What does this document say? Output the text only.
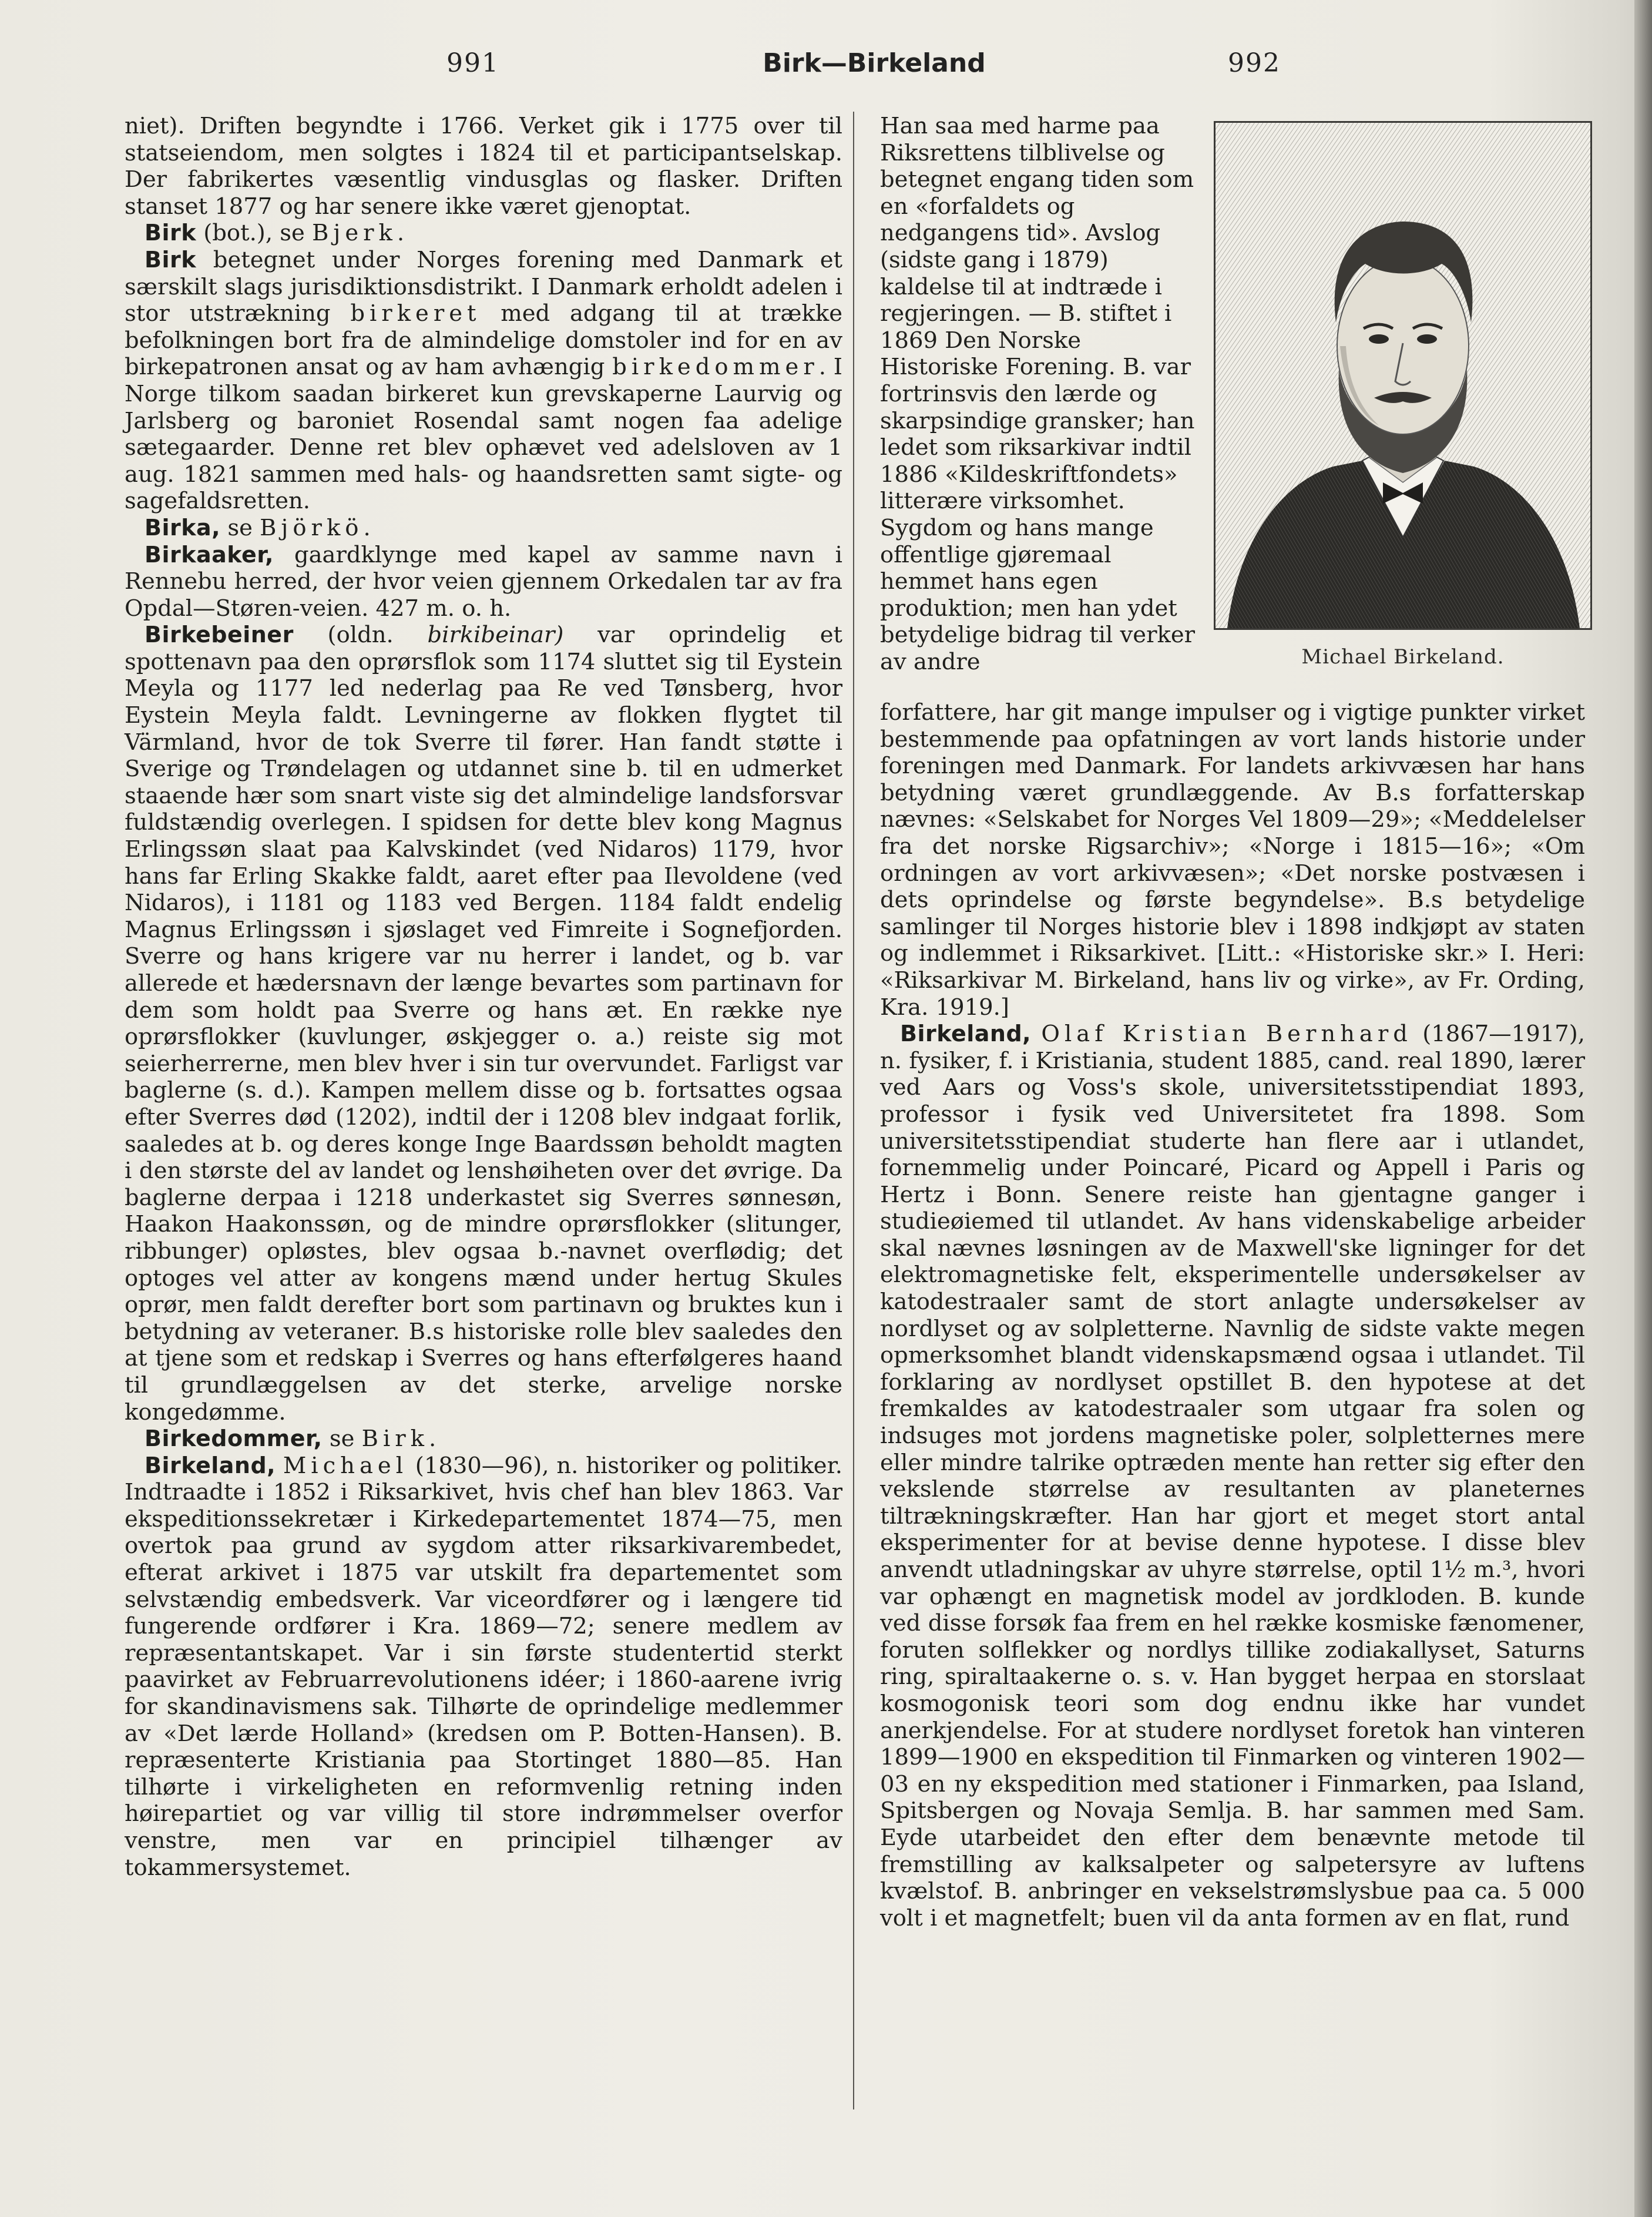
991	Birk—Birkeland	992

niet). Driften begyndte i 1766. Verket gik i 1775 over til statseiendom, men solgtes i 1824 til et participantselskap. Der fabrikertes væsentlig vindusglas og flasker. Driften stanset 1877 og har senere ikke været gjenoptat.

Birk (bot.), se Bjerk.

Birk betegnet under Norges forening med Danmark et særskilt slags jurisdiktionsdistrikt. I Danmark erholdt adelen i stor utstrækning birkeret med adgang til at trække befolkningen bort fra de almindelige domstoler ind for en av birkepatronen ansat og av ham avhængig birkedommer. I Norge tilkom saadan birkeret kun grevskaperne Laurvig og Jarlsberg og baroniet Rosendal samt nogen faa adelige sætegaarder. Denne ret blev ophævet ved adelsloven av 1 aug. 1821 sammen med hals- og haandsretten samt sigte- og sagefaldsretten.

Birka, se Björkö.

Birkaaker, gaardklynge med kapel av samme navn i Rennebu herred, der hvor veien gjennem Orkedalen tar av fra Opdal—Støren-veien. 427 m. o. h.

Birkebeiner (oldn. birkibeinar) var oprindelig et spottenavn paa den oprørsflok som 1174 sluttet sig til Eystein Meyla og 1177 led nederlag paa Re ved Tønsberg, hvor Eystein Meyla faldt. Levningerne av flokken flygtet til Värmland, hvor de tok Sverre til fører. Han fandt støtte i Sverige og Trøndelagen og utdannet sine b. til en udmerket staaende hær som snart viste sig det almindelige landsforsvar fuldstændig overlegen. I spidsen for dette blev kong Magnus Erlingssøn slaat paa Kalvskindet (ved Nidaros) 1179, hvor hans far Erling Skakke faldt, aaret efter paa Ilevoldene (ved Nidaros), i 1181 og 1183 ved Bergen. 1184 faldt endelig Magnus Erlingssøn i sjøslaget ved Fimreite i Sognefjorden. Sverre og hans krigere var nu herrer i landet, og b. var allerede et hædersnavn der længe bevartes som partinavn for dem som holdt paa Sverre og hans æt. En række nye oprørsflokker (kuvlunger, øskjegger o. a.) reiste sig mot seierherrerne, men blev hver i sin tur overvundet. Farligst var baglerne (s. d.). Kampen mellem disse og b. fortsattes ogsaa efter Sverres død (1202), indtil der i 1208 blev indgaat forlik, saaledes at b. og deres konge Inge Baardssøn beholdt magten i den største del av landet og lenshøiheten over det øvrige. Da baglerne derpaa i 1218 underkastet sig Sverres sønnesøn, Haakon Haakonssøn, og de mindre oprørsflokker (slitunger, ribbunger) opløstes, blev ogsaa b.-navnet overflødig; det optoges vel atter av kongens mænd under hertug Skules oprør, men faldt derefter bort som partinavn og bruktes kun i betydning av veteraner. B.s historiske rolle blev saaledes den at tjene som et redskap i Sverres og hans efterfølgeres haand til grundlæggelsen av det sterke, arvelige norske kongedømme.

Birkedommer, se Birk.

Birkeland, Michael (1830—96), n. historiker og politiker. Indtraadte i 1852 i Riksarkivet, hvis chef han blev 1863. Var ekspeditionssekretær i Kirkedepartementet 1874—75, men overtok paa grund av sygdom atter riksarkivarembedet, efterat arkivet i 1875 var utskilt fra departementet som selvstændig embedsverk. Var viceordfører og i længere tid fungerende ordfører i Kra. 1869—72; senere medlem av repræsentantskapet. Var i sin første studentertid sterkt paavirket av Februarrevolutionens idéer; i 1860-aarene ivrig for skandinavismens sak. Tilhørte de oprindelige medlemmer av «Det lærde Holland» (kredsen om P. Botten-Hansen). B. repræsenterte Kristiania paa Stortinget 1880—85. Han tilhørte i virkeligheten en reformvenlig retning inden høirepartiet og var villig til store indrømmelser overfor venstre, men var en principiel tilhænger av tokammersystemet.

Han saa med harme paa Riksrettens tilblivelse og betegnet engang tiden som en «forfaldets og nedgangens tid». Avslog (sidste gang i 1879) kaldelse til at indtræde i regjeringen. — B. stiftet i 1869 Den Norske Historiske Forening. B. var fortrinsvis den lærde og skarpsindige gransker; han ledet som riksarkivar indtil 1886 «Kildeskriftfondets» litterære virksomhet. Sygdom og hans mange offentlige gjøremaal hemmet hans egen produktion; men han ydet betydelige bidrag til verker av andre	Michael Birkeland.

forfattere, har git mange impulser og i vigtige punkter virket bestemmende paa opfatningen av vort lands historie under foreningen med Danmark. For landets arkivvæsen har hans betydning været grundlæggende. Av B.s forfatterskap nævnes: «Selskabet for Norges Vel 1809—29»; «Meddelelser fra det norske Rigsarchiv»; «Norge i 1815—16»; «Om ordningen av vort arkivvæsen»; «Det norske postvæsen i dets oprindelse og første begyndelse». B.s betydelige samlinger til Norges historie blev i 1898 indkjøpt av staten og indlemmet i Riksarkivet. [Litt.: «Historiske skr.» I. Heri: «Riksarkivar M. Birkeland, hans liv og virke», av Fr. Ording, Kra. 1919.]

Birkeland, Olaf Kristian Bernhard (1867—1917), n. fysiker, f. i Kristiania, student 1885, cand. real 1890, lærer ved Aars og Voss's skole, universitetsstipendiat 1893, professor i fysik ved Universitetet fra 1898. Som universitetsstipendiat studerte han flere aar i utlandet, fornemmelig under Poincaré, Picard og Appell i Paris og Hertz i Bonn. Senere reiste han gjentagne ganger i studieøiemed til utlandet. Av hans videnskabelige arbeider skal nævnes løsningen av de Maxwell'ske ligninger for det elektromagnetiske felt, eksperimentelle undersøkelser av katodestraaler samt de stort anlagte undersøkelser av nordlyset og av solpletterne. Navnlig de sidste vakte megen opmerksomhet blandt videnskapsmænd ogsaa i utlandet. Til forklaring av nordlyset opstillet B. den hypotese at det fremkaldes av katodestraaler som utgaar fra solen og indsuges mot jordens magnetiske poler, solpletternes mere eller mindre talrike optræden mente han retter sig efter den vekslende størrelse av resultanten av planeternes tiltrækningskræfter. Han har gjort et meget stort antal eksperimenter for at bevise denne hypotese. I disse blev anvendt utladningskar av uhyre størrelse, optil 1½ m.³, hvori var ophængt en magnetisk model av jordkloden. B. kunde ved disse forsøk faa frem en hel række kosmiske fænomener, foruten solflekker og nordlys tillike zodiakallyset, Saturns ring, spiraltaakerne o. s. v. Han bygget herpaa en storslaat kosmogonisk teori som dog endnu ikke har vundet anerkjendelse. For at studere nordlyset foretok han vinteren 1899—1900 en ekspedition til Finmarken og vinteren 1902—03 en ny ekspedition med stationer i Finmarken, paa Island, Spitsbergen og Novaja Semlja. B. har sammen med Sam. Eyde utarbeidet den efter dem benævnte metode til fremstilling av kalksalpeter og salpetersyre av luftens kvælstof. B. anbringer en vekselstrømslysbue paa ca. 5 000 volt i et magnetfelt; buen vil da anta formen av en flat, rund
